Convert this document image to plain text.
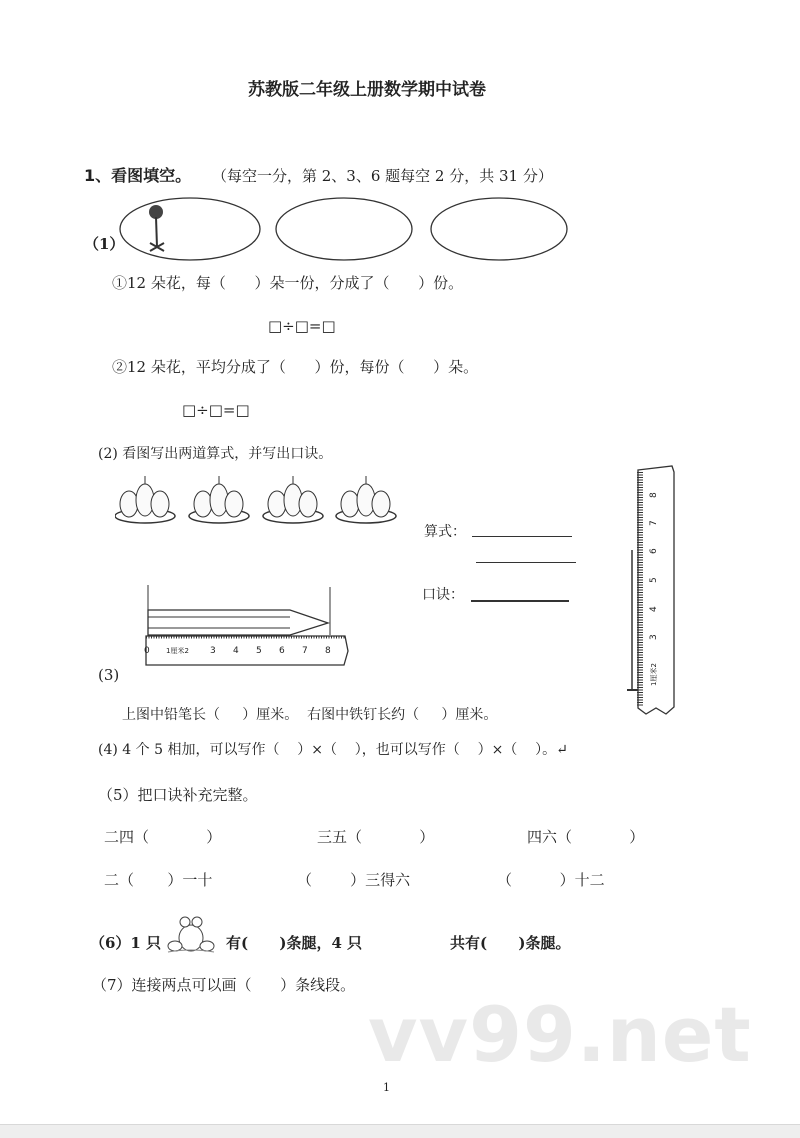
苏教版二年级上册数学期中试卷
1、看图填空。 （每空一分，第 2、3、6 题每空 2 分，共 31 分）
（1）
①12 朵花，每（      ）朵一份，分成了（      ）份。
□÷□=□
②12 朵花，平均分成了（      ）份，每份（      ）朵。
□÷□=□
(2) 看图写出两道算式，并写出口诀。
算式：
口诀：
0 1厘米2 3 4 5 6 7 8
(3)	1厘米2
3
4
5
6
7
8
上图中铅笔长（     ）厘米。  右图中铁钉长约（     ）厘米。
(4) 4 个 5 相加，可以写作（    ）×（    ），也可以写作（    ）×（    ）。↵
（5）把口诀补充完整。
二四（            ）	三五（            ）	四六（            ）
二（       ）一十	（        ）三得六	（          ）十二
（6）1 只	有(      )条腿，4 只	共有(      )条腿。
（7）连接两点可以画（      ）条线段。
vv99.net
1
